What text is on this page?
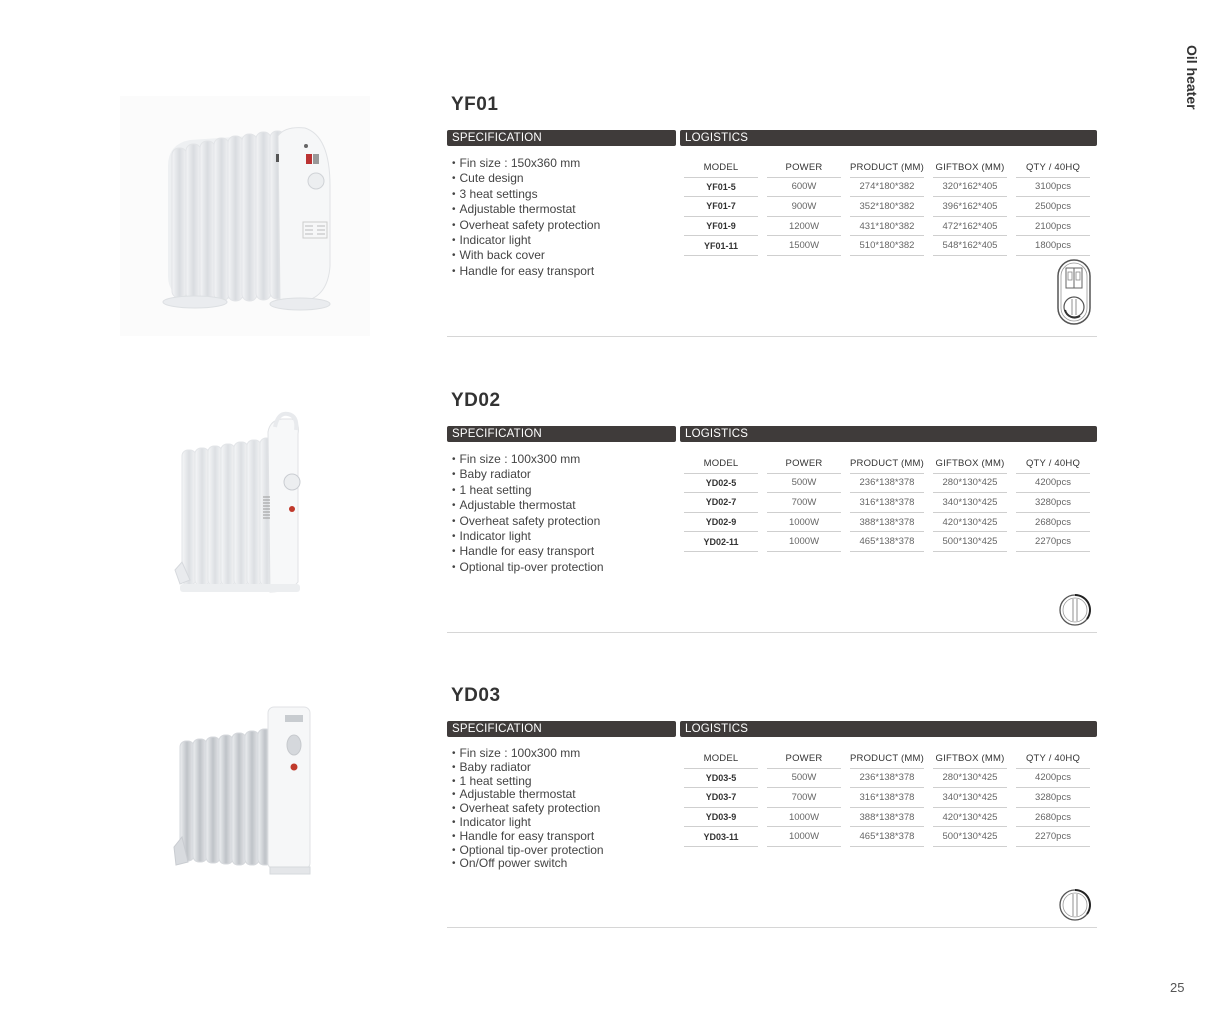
Oil heater
YF01
SPECIFICATION	LOGISTICS
• Fin size : 150x360 mm
• Cute design
• 3 heat settings
• Adjustable thermostat
• Overheat safety protection
• Indicator light
• With back cover
• Handle for easy transport
MODEL	POWER	PRODUCT (MM)	GIFTBOX (MM)	QTY / 40HQ
YF01-5	600W	274*180*382	320*162*405	3100pcs
YF01-7	900W	352*180*382	396*162*405	2500pcs
YF01-9	1200W	431*180*382	472*162*405	2100pcs
YF01-11	1500W	510*180*382	548*162*405	1800pcs
YD02
SPECIFICATION	LOGISTICS
• Fin size : 100x300 mm
• Baby radiator
• 1 heat setting
• Adjustable thermostat
• Overheat safety protection
• Indicator light
• Handle for easy transport
• Optional tip-over protection
MODEL	POWER	PRODUCT (MM)	GIFTBOX (MM)	QTY / 40HQ
YD02-5	500W	236*138*378	280*130*425	4200pcs
YD02-7	700W	316*138*378	340*130*425	3280pcs
YD02-9	1000W	388*138*378	420*130*425	2680pcs
YD02-11	1000W	465*138*378	500*130*425	2270pcs
YD03
SPECIFICATION	LOGISTICS
• Fin size : 100x300 mm
• Baby radiator
• 1 heat setting
• Adjustable thermostat
• Overheat safety protection
• Indicator light
• Handle for easy transport
• Optional tip-over protection
• On/Off power switch
MODEL	POWER	PRODUCT (MM)	GIFTBOX (MM)	QTY / 40HQ
YD03-5	500W	236*138*378	280*130*425	4200pcs
YD03-7	700W	316*138*378	340*130*425	3280pcs
YD03-9	1000W	388*138*378	420*130*425	2680pcs
YD03-11	1000W	465*138*378	500*130*425	2270pcs
25
